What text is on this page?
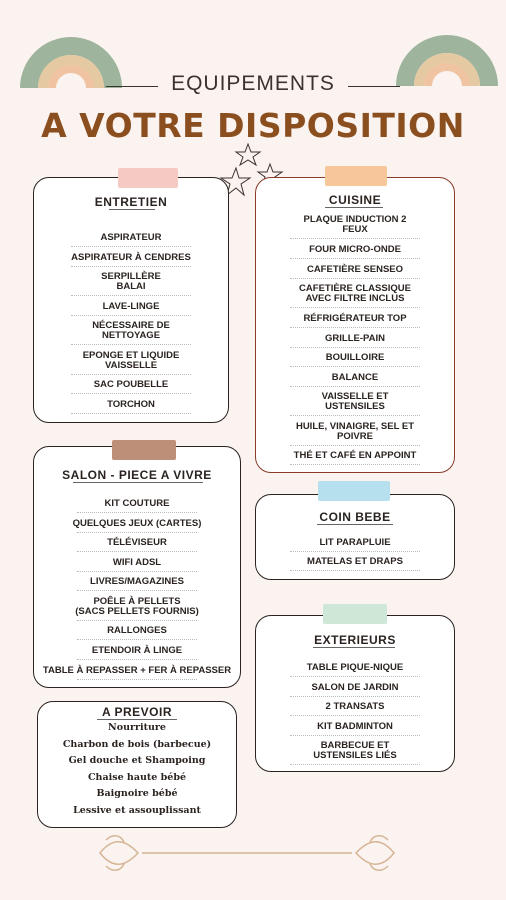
EQUIPEMENTS
A VOTRE DISPOSITION
ENTRETIEN
ASPIRATEUR
ASPIRATEUR À CENDRES
SERPILLÈRE
BALAI
LAVE-LINGE
NÉCESSAIRE DE
NETTOYAGE
EPONGE ET LIQUIDE
VAISSELLE
SAC POUBELLE
TORCHON
CUISINE
PLAQUE INDUCTION 2
FEUX
FOUR MICRO-ONDE
CAFETIÈRE SENSEO
CAFETIÈRE CLASSIQUE
AVEC FILTRE INCLUS
RÉFRIGÉRATEUR TOP
GRILLE-PAIN
BOUILLOIRE
BALANCE
VAISSELLE ET
USTENSILES
HUILE, VINAIGRE, SEL ET
POIVRE
THÉ ET CAFÉ EN APPOINT
SALON - PIECE A VIVRE
KIT COUTURE
QUELQUES JEUX (CARTES)
TÉLÉVISEUR
WIFI ADSL
LIVRES/MAGAZINES
POÊLE À PELLETS
(SACS PELLETS FOURNIS)
RALLONGES
ETENDOIR À LINGE
TABLE À REPASSER + FER À REPASSER
COIN BEBE
LIT PARAPLUIE
MATELAS ET DRAPS
EXTERIEURS
TABLE PIQUE-NIQUE
SALON DE JARDIN
2 TRANSATS
KIT BADMINTON
BARBECUE ET
USTENSILES LIÉS
A PREVOIR
Nourriture
Charbon de bois (barbecue)
Gel douche et Shampoing
Chaise haute bébé
Baignoire bébé
Lessive et assouplissant
